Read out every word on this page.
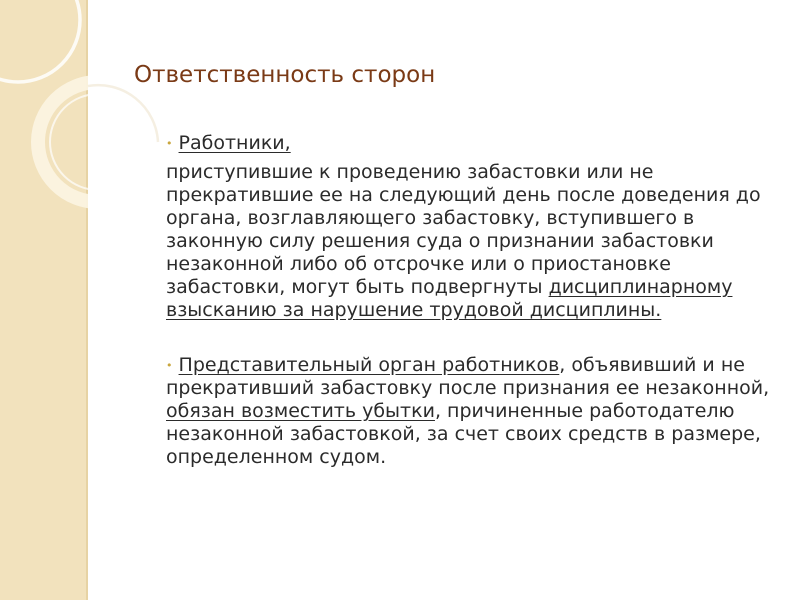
Ответственность сторон

• Работники,

приступившие к проведению забастовки или не прекратившие ее на следующий день после доведения до органа, возглавляющего забастовку, вступившего в законную силу решения суда о признании забастовки незаконной либо об отсрочке или о приостановке забастовки, могут быть подвергнуты дисциплинарному взысканию за нарушение трудовой дисциплины.

• Представительный орган работников, объявивший и не прекративший забастовку после признания ее незаконной, обязан возместить убытки, причиненные работодателю незаконной забастовкой, за счет своих средств в размере, определенном судом.
